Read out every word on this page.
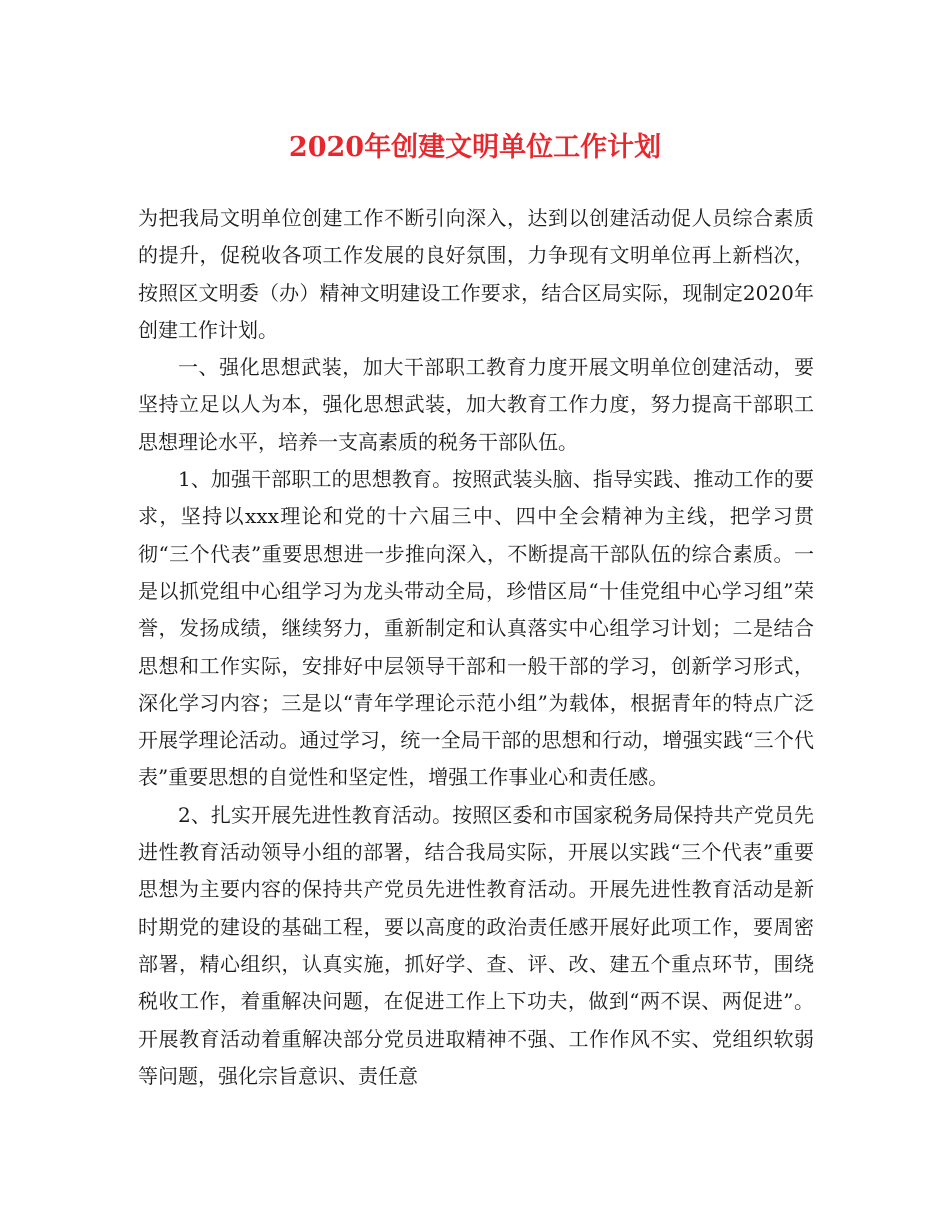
2020年创建文明单位工作计划

为把我局文明单位创建工作不断引向深入，达到以创建活动促人员综合素质的提升，促税收各项工作发展的良好氛围，力争现有文明单位再上新档次，按照区文明委（办）精神文明建设工作要求，结合区局实际，现制定2020年创建工作计划。

一、强化思想武装，加大干部职工教育力度开展文明单位创建活动，要坚持立足以人为本，强化思想武装，加大教育工作力度，努力提高干部职工思想理论水平，培养一支高素质的税务干部队伍。

1、加强干部职工的思想教育。按照武装头脑、指导实践、推动工作的要求，坚持以xxx理论和党的十六届三中、四中全会精神为主线，把学习贯彻“三个代表”重要思想进一步推向深入，不断提高干部队伍的综合素质。一是以抓党组中心组学习为龙头带动全局，珍惜区局“十佳党组中心学习组”荣誉，发扬成绩，继续努力，重新制定和认真落实中心组学习计划；二是结合思想和工作实际，安排好中层领导干部和一般干部的学习，创新学习形式，深化学习内容；三是以“青年学理论示范小组”为载体，根据青年的特点广泛开展学理论活动。通过学习，统一全局干部的思想和行动，增强实践“三个代表”重要思想的自觉性和坚定性，增强工作事业心和责任感。

2、扎实开展先进性教育活动。按照区委和市国家税务局保持共产党员先进性教育活动领导小组的部署，结合我局实际，开展以实践“三个代表”重要思想为主要内容的保持共产党员先进性教育活动。开展先进性教育活动是新时期党的建设的基础工程，要以高度的政治责任感开展好此项工作，要周密部署，精心组织，认真实施，抓好学、查、评、改、建五个重点环节，围绕税收工作，着重解决问题，在促进工作上下功夫，做到“两不误、两促进”。开展教育活动着重解决部分党员进取精神不强、工作作风不实、党组织软弱等问题，强化宗旨意识、责任意
